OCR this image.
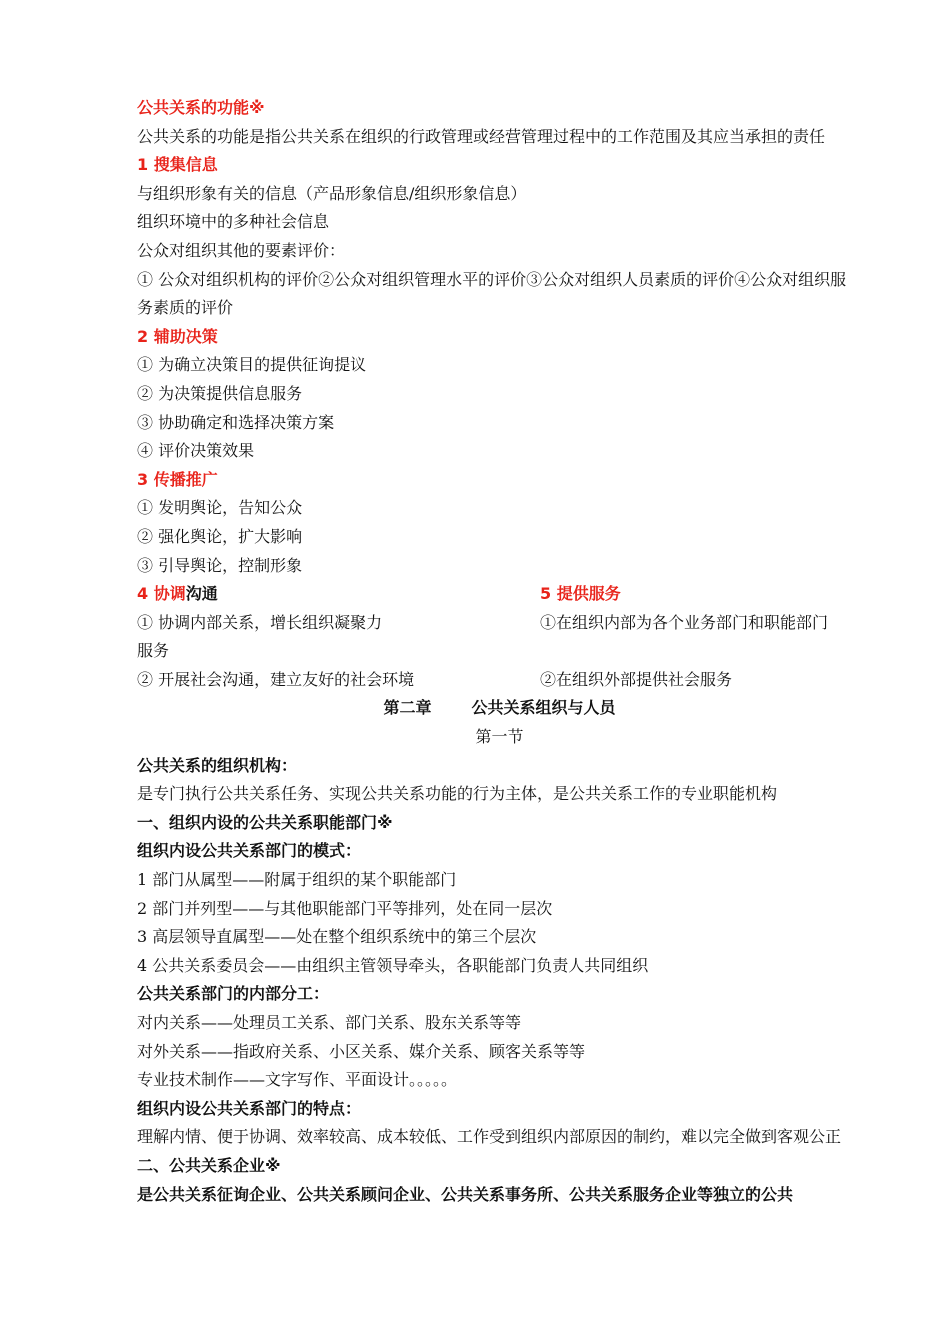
公共关系的功能※
公共关系的功能是指公共关系在组织的行政管理或经营管理过程中的工作范围及其应当承担的责任
1 搜集信息
与组织形象有关的信息（产品形象信息/组织形象信息）
组织环境中的多种社会信息
公众对组织其他的要素评价：
① 公众对组织机构的评价②公众对组织管理水平的评价③公众对组织人员素质的评价④公众对组织服务素质的评价
2 辅助决策
① 为确立决策目的提供征询提议
② 为决策提供信息服务
③ 协助确定和选择决策方案
④ 评价决策效果
3 传播推广
① 发明舆论，告知公众
② 强化舆论，扩大影响
③ 引导舆论，控制形象
4 协调沟通	5 提供服务
① 协调内部关系，增长组织凝聚力	①在组织内部为各个业务部门和职能部门
服务
② 开展社会沟通，建立友好的社会环境	②在组织外部提供社会服务
第二章	公共关系组织与人员
第一节
公共关系的组织机构：
是专门执行公共关系任务、实现公共关系功能的行为主体，是公共关系工作的专业职能机构
一、组织内设的公共关系职能部门※
组织内设公共关系部门的模式：
1 部门从属型——附属于组织的某个职能部门
2 部门并列型——与其他职能部门平等排列，处在同一层次
3 高层领导直属型——处在整个组织系统中的第三个层次
4 公共关系委员会——由组织主管领导牵头，各职能部门负责人共同组织
公共关系部门的内部分工：
对内关系——处理员工关系、部门关系、股东关系等等
对外关系——指政府关系、小区关系、媒介关系、顾客关系等等
专业技术制作——文字写作、平面设计。。。。。
组织内设公共关系部门的特点：
理解内情、便于协调、效率较高、成本较低、工作受到组织内部原因的制约，难以完全做到客观公正
二、公共关系企业※
是公共关系征询企业、公共关系顾问企业、公共关系事务所、公共关系服务企业等独立的公共
